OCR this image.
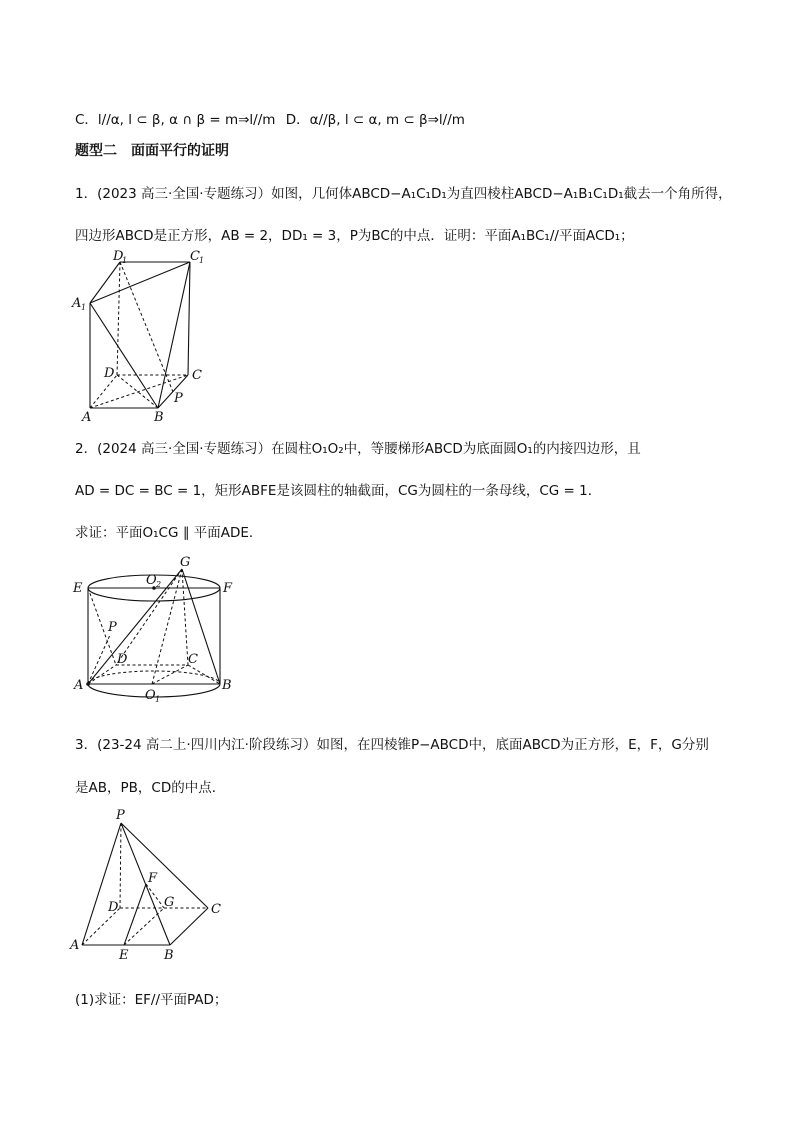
C．l//α, l ⊂ β, α ∩ β = m⇒l//m D．α//β, l ⊂ α, m ⊂ β⇒l//m
题型二　面面平行的证明
1．(2023 高三·全国·专题练习）如图，几何体ABCD−A₁C₁D₁为直四棱柱ABCD−A₁B₁C₁D₁截去一个角所得，
四边形ABCD是正方形，AB = 2，DD₁ = 3，P为BC的中点．证明：平面A₁BC₁//平面ACD₁；
D
1	C 1
A 1
D	C
A	B
P
2．(2024 高三·全国·专题练习）在圆柱O₁O₂中，等腰梯形ABCD为底面圆O₁的内接四边形，且
AD = DC = BC = 1，矩形ABFE是该圆柱的轴截面，CG为圆柱的一条母线，CG = 1．
求证：平面O₁CG ∥ 平面ADE．
G
O 2
E	F
P
D	C
A	B
O 1
3．(23-24 高二上·四川内江·阶段练习）如图，在四棱锥P−ABCD中，底面ABCD为正方形，E，F，G分别
是AB，PB，CD的中点．
P
F
D	G	C
A
E	B
(1)求证：EF//平面PAD；
